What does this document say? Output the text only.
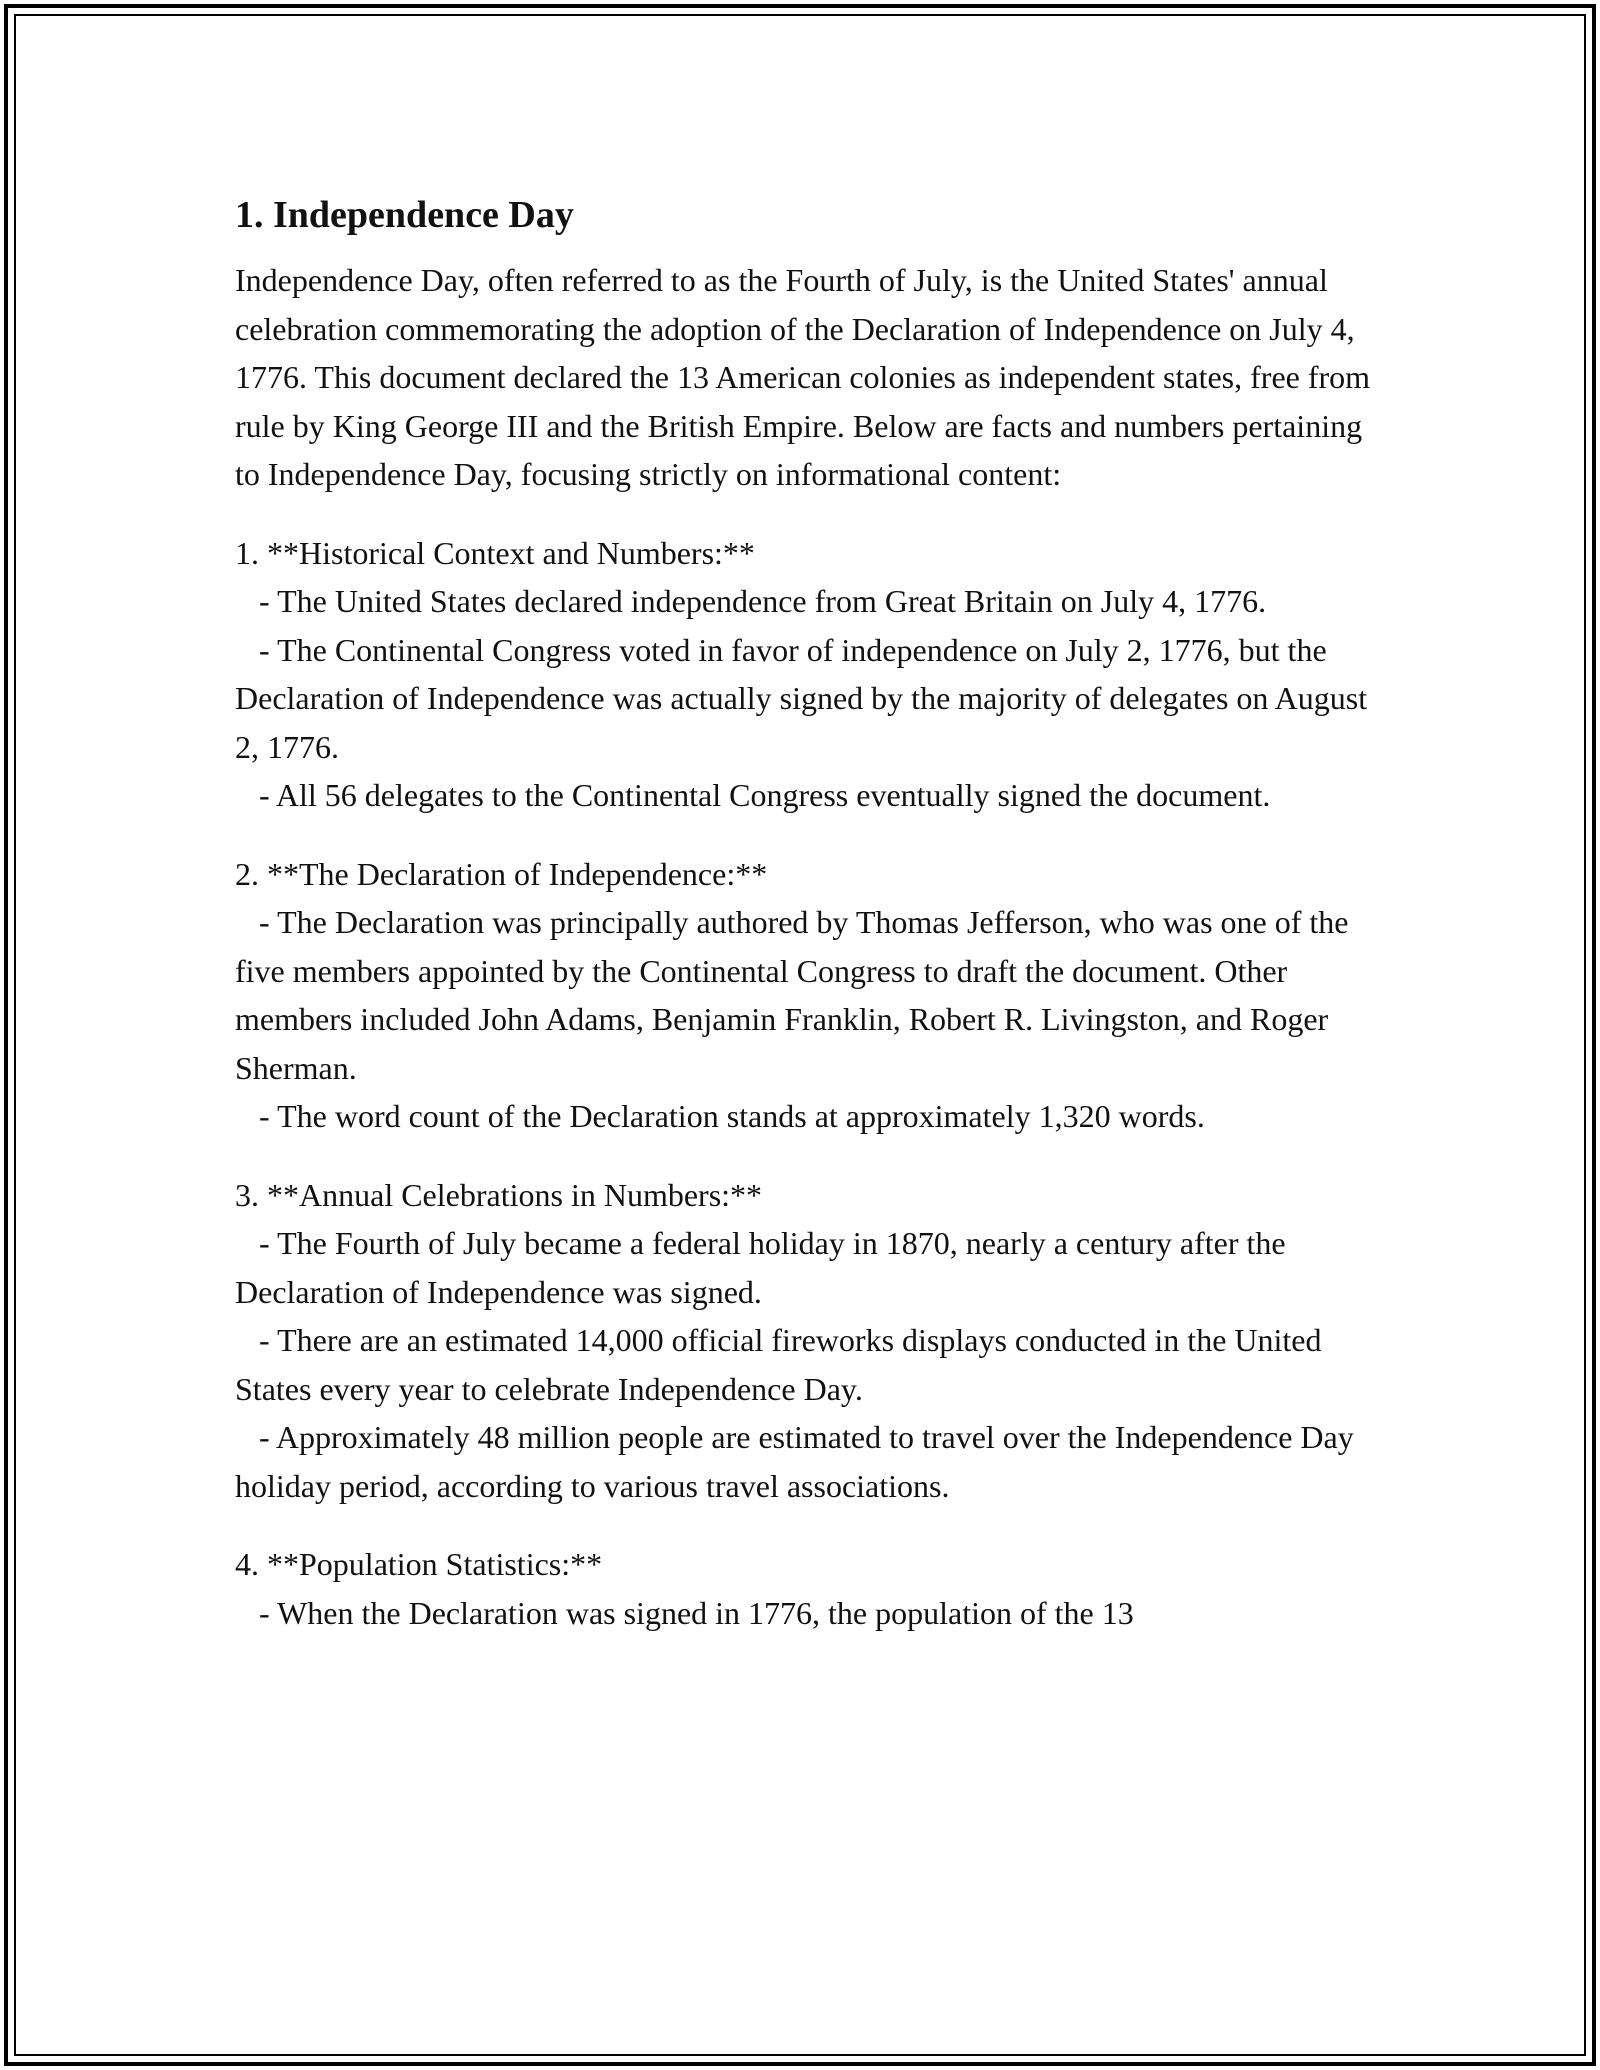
1. Independence Day

Independence Day, often referred to as the Fourth of July, is the United States' annual celebration commemorating the adoption of the Declaration of Independence on July 4, 1776. This document declared the 13 American colonies as independent states, free from rule by King George III and the British Empire. Below are facts and numbers pertaining to Independence Day, focusing strictly on informational content:

1. **Historical Context and Numbers:**
- The United States declared independence from Great Britain on July 4, 1776.
- The Continental Congress voted in favor of independence on July 2, 1776, but the Declaration of Independence was actually signed by the majority of delegates on August 2, 1776.
- All 56 delegates to the Continental Congress eventually signed the document.
2. **The Declaration of Independence:**
- The Declaration was principally authored by Thomas Jefferson, who was one of the five members appointed by the Continental Congress to draft the document. Other members included John Adams, Benjamin Franklin, Robert R. Livingston, and Roger Sherman.
- The word count of the Declaration stands at approximately 1,320 words.
3. **Annual Celebrations in Numbers:**
- The Fourth of July became a federal holiday in 1870, nearly a century after the Declaration of Independence was signed.
- There are an estimated 14,000 official fireworks displays conducted in the United States every year to celebrate Independence Day.
- Approximately 48 million people are estimated to travel over the Independence Day holiday period, according to various travel associations.
4. **Population Statistics:**
- When the Declaration was signed in 1776, the population of the 13
